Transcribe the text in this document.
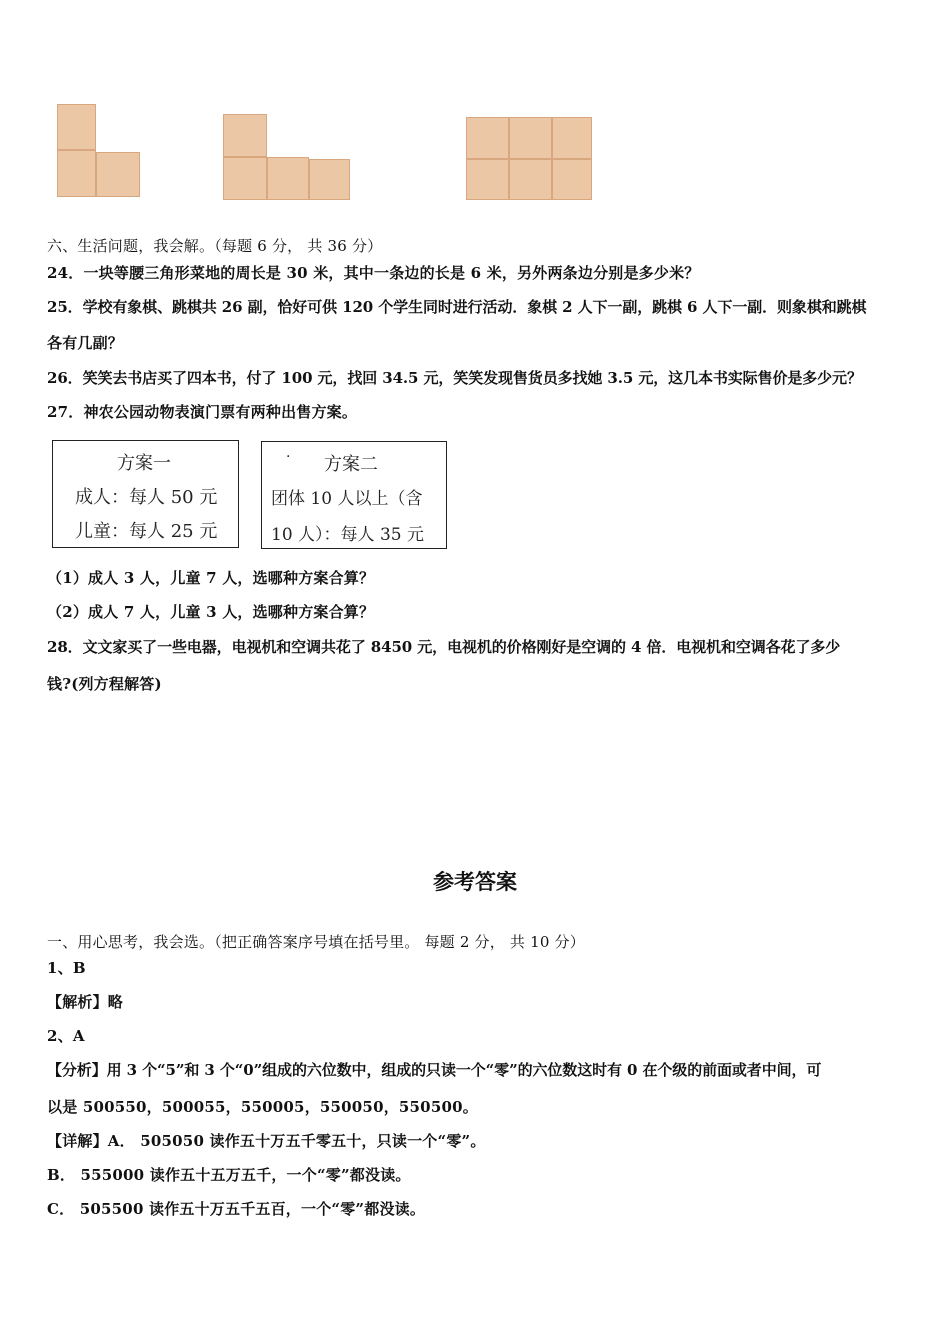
六、生活问题，我会解。（每题 6 分， 共 36 分）
24．一块等腰三角形菜地的周长是 30 米，其中一条边的长是 6 米，另外两条边分别是多少米？
25．学校有象棋、跳棋共 26 副，恰好可供 120 个学生同时进行活动．象棋 2 人下一副，跳棋 6 人下一副．则象棋和跳棋
各有几副？
26．笑笑去书店买了四本书，付了 100 元，找回 34.5 元，笑笑发现售货员多找她 3.5 元，这几本书实际售价是多少元？
27．神农公园动物表演门票有两种出售方案。
方案一
成人：每人 50 元
儿童：每人 25 元
· 方案二
团体 10 人以上（含
10 人）：每人 35 元
（1）成人 3 人，儿童 7 人，选哪种方案合算？
（2）成人 7 人，儿童 3 人，选哪种方案合算？
28．文文家买了一些电器，电视机和空调共花了 8450 元，电视机的价格刚好是空调的 4 倍．电视机和空调各花了多少
钱?(列方程解答)
参考答案
一、用心思考，我会选。（把正确答案序号填在括号里。 每题 2 分， 共 10 分）
1、B
【解析】略
2、A
【分析】用 3 个“5”和 3 个“0”组成的六位数中，组成的只读一个“零”的六位数这时有 0 在个级的前面或者中间，可
以是 500550，500055，550005，550050，550500。
【详解】A． 505050 读作五十万五千零五十，只读一个“零”。
B． 555000 读作五十五万五千，一个“零”都没读。
C． 505500 读作五十万五千五百，一个“零”都没读。
